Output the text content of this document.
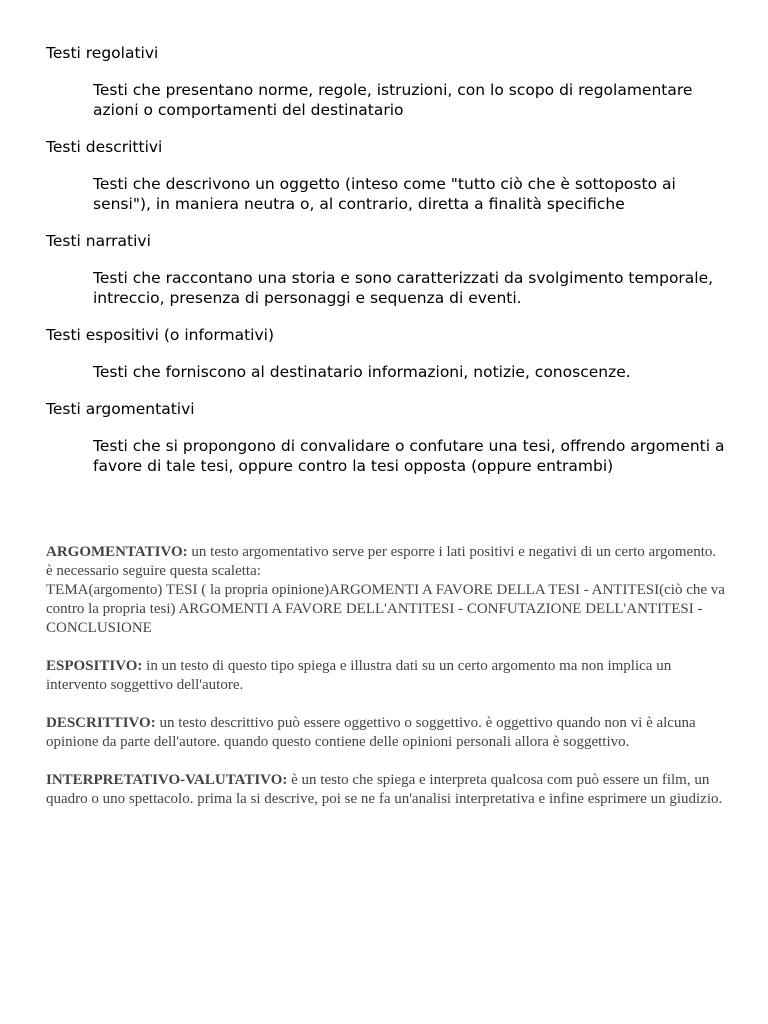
Testi regolativi
Testi che presentano norme, regole, istruzioni, con lo scopo di regolamentare azioni o comportamenti del destinatario
Testi descrittivi
Testi che descrivono un oggetto (inteso come "tutto ciò che è sottoposto ai sensi"), in maniera neutra o, al contrario, diretta a finalità specifiche
Testi narrativi
Testi che raccontano una storia e sono caratterizzati da svolgimento temporale, intreccio, presenza di personaggi e sequenza di eventi.
Testi espositivi (o informativi)
Testi che forniscono al destinatario informazioni, notizie, conoscenze.
Testi argomentativi
Testi che si propongono di convalidare o confutare una tesi, offrendo argomenti a favore di tale tesi, oppure contro la tesi opposta (oppure entrambi)
ARGOMENTATIVO: un testo argomentativo serve per esporre i lati positivi e negativi di un certo argomento. è necessario seguire questa scaletta:
TEMA(argomento) TESI ( la propria opinione)ARGOMENTI A FAVORE DELLA TESI - ANTITESI(ciò che va contro la propria tesi) ARGOMENTI A FAVORE DELL'ANTITESI - CONFUTAZIONE DELL'ANTITESI - CONCLUSIONE
ESPOSITIVO: in un testo di questo tipo spiega e illustra dati su un certo argomento ma non implica un intervento soggettivo dell'autore.
DESCRITTIVO: un testo descrittivo può essere oggettivo o soggettivo. è oggettivo quando non vi è alcuna opinione da parte dell'autore. quando questo contiene delle opinioni personali allora è soggettivo.
INTERPRETATIVO-VALUTATIVO: è un testo che spiega e interpreta qualcosa com può essere un film, un quadro o uno spettacolo. prima la si descrive, poi se ne fa un'analisi interpretativa e infine esprimere un giudizio.
